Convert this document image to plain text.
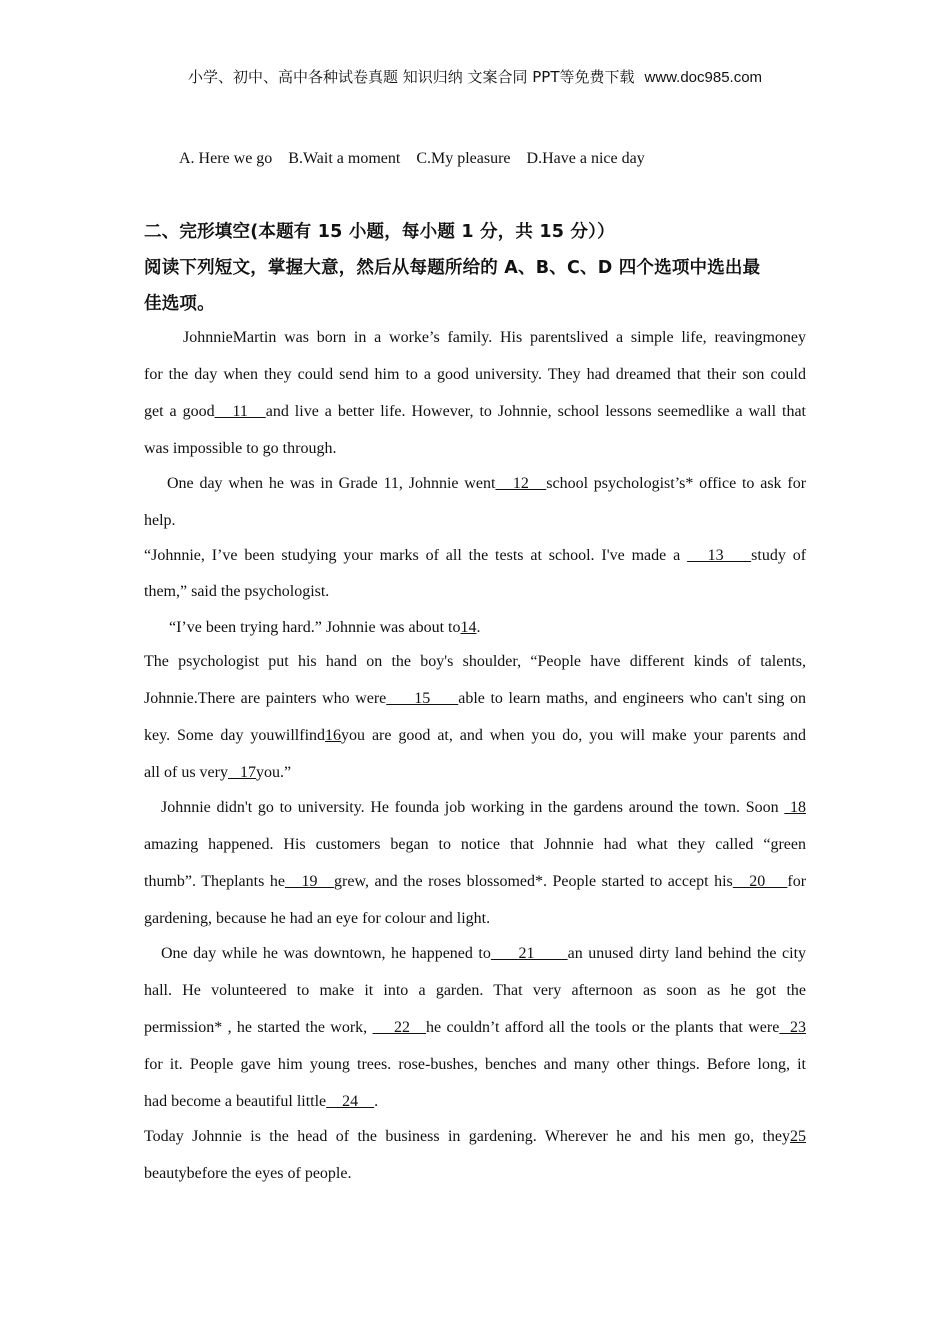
小学、初中、高中各种试卷真题 知识归纳 文案合同 PPT等免费下载 www.doc985.com
A. Here we go    B.Wait a moment    C.My pleasure    D.Have a nice day
二、完形填空(本题有 15 小题，每小题 1 分，共 15 分））
阅读下列短文，掌握大意，然后从每题所给的 A、B、C、D 四个选项中选出最
佳选项。
JohnnieMartin was born in a worke’s family. His parentslived a simple life, reavingmoney
for the day when they could send him to a good university. They had dreamed that their son could
get a good   11   and live a better life. However, to Johnnie, school lessons seemedlike a wall that
was impossible to go through.
One day when he was in Grade 11, Johnnie went   12   school psychologist’s* office to ask for
help.
“Johnnie, I’ve been studying your marks of all the tests at school. I've made a    13    study of
them,” said the psychologist.
“I’ve been trying hard.” Johnnie was about to14.
The psychologist put his hand on the boy's shoulder, “People have different kinds of talents,
Johnnie.There are painters who were     15     able to learn maths, and engineers who can't sing on
key. Some day youwillfind16you are good at, and when you do, you will make your parents and
all of us very   17you.”
Johnnie didn't go to university. He founda job working in the gardens around the town. Soon  18
amazing happened. His customers began to notice that Johnnie had what they called “green
thumb”. Theplants he   19   grew, and the roses blossomed*. People started to accept his   20    for
gardening, because he had an eye for colour and light.
One day while he was downtown, he happened to     21      an unused dirty land behind the city
hall. He volunteered to make it into a garden. That very afternoon as soon as he got the
permission* , he started the work,     22   he couldn’t afford all the tools or the plants that were  23
for it. People gave him young trees. rose-bushes, benches and many other things. Before long, it
had become a beautiful little    24    .
Today Johnnie is the head of the business in gardening. Wherever he and his men go, they25
beautybefore the eyes of people.
